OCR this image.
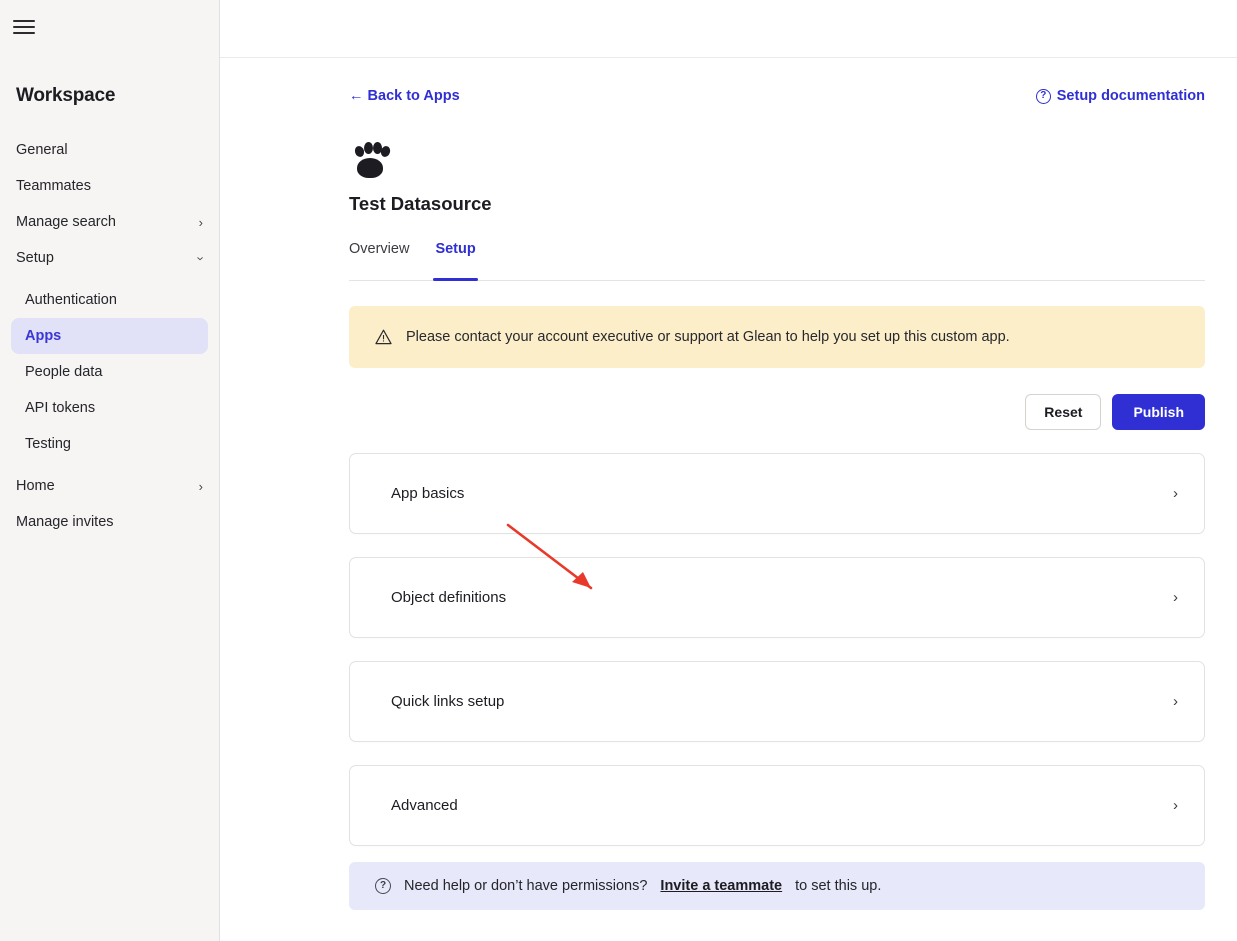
Workspace
General
Teammates
Manage search	›
Setup	›
Authentication
Apps
People data
API tokens
Testing
Home	›
Manage invites
← Back to Apps	? Setup documentation
Test Datasource
Overview Setup
Please contact your account executive or support at Glean to help you set up this custom app.
Reset	Publish
App basics	›
Object definitions	›
Quick links setup	›
Advanced	›
?	Need help or don’t have permissions? Invite a teammate to set this up.
